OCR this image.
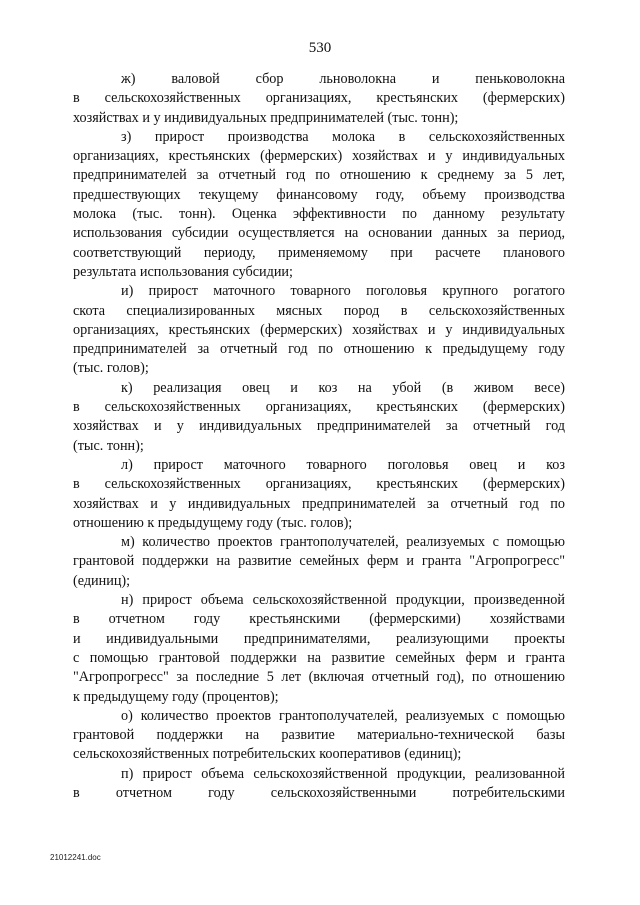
530
ж) валовой сбор льноволокна и пеньковолокна
в сельскохозяйственных организациях, крестьянских (фермерских)
хозяйствах и у индивидуальных предпринимателей (тыс. тонн);
з) прирост производства молока в сельскохозяйственных
организациях, крестьянских (фермерских) хозяйствах и у индивидуальных
предпринимателей за отчетный год по отношению к среднему за 5 лет,
предшествующих текущему финансовому году, объему производства
молока (тыс. тонн). Оценка эффективности по данному результату
использования субсидии осуществляется на основании данных за период,
соответствующий периоду, применяемому при расчете планового
результата использования субсидии;
и) прирост маточного товарного поголовья крупного рогатого
скота специализированных мясных пород в сельскохозяйственных
организациях, крестьянских (фермерских) хозяйствах и у индивидуальных
предпринимателей за отчетный год по отношению к предыдущему году
(тыс. голов);
к) реализация овец и коз на убой (в живом весе)
в сельскохозяйственных организациях, крестьянских (фермерских)
хозяйствах и у индивидуальных предпринимателей за отчетный год
(тыс. тонн);
л) прирост маточного товарного поголовья овец и коз
в сельскохозяйственных организациях, крестьянских (фермерских)
хозяйствах и у индивидуальных предпринимателей за отчетный год по
отношению к предыдущему году (тыс. голов);
м) количество проектов грантополучателей, реализуемых с помощью
грантовой поддержки на развитие семейных ферм и гранта "Агропрогресс"
(единиц);
н) прирост объема сельскохозяйственной продукции, произведенной
в отчетном году крестьянскими (фермерскими) хозяйствами
и индивидуальными предпринимателями, реализующими проекты
с помощью грантовой поддержки на развитие семейных ферм и гранта
"Агропрогресс" за последние 5 лет (включая отчетный год), по отношению
к предыдущему году (процентов);
о) количество проектов грантополучателей, реализуемых с помощью
грантовой поддержки на развитие материально-технической базы
сельскохозяйственных потребительских кооперативов (единиц);
п) прирост объема сельскохозяйственной продукции, реализованной
в отчетном году сельскохозяйственными потребительскими
21012241.doc
